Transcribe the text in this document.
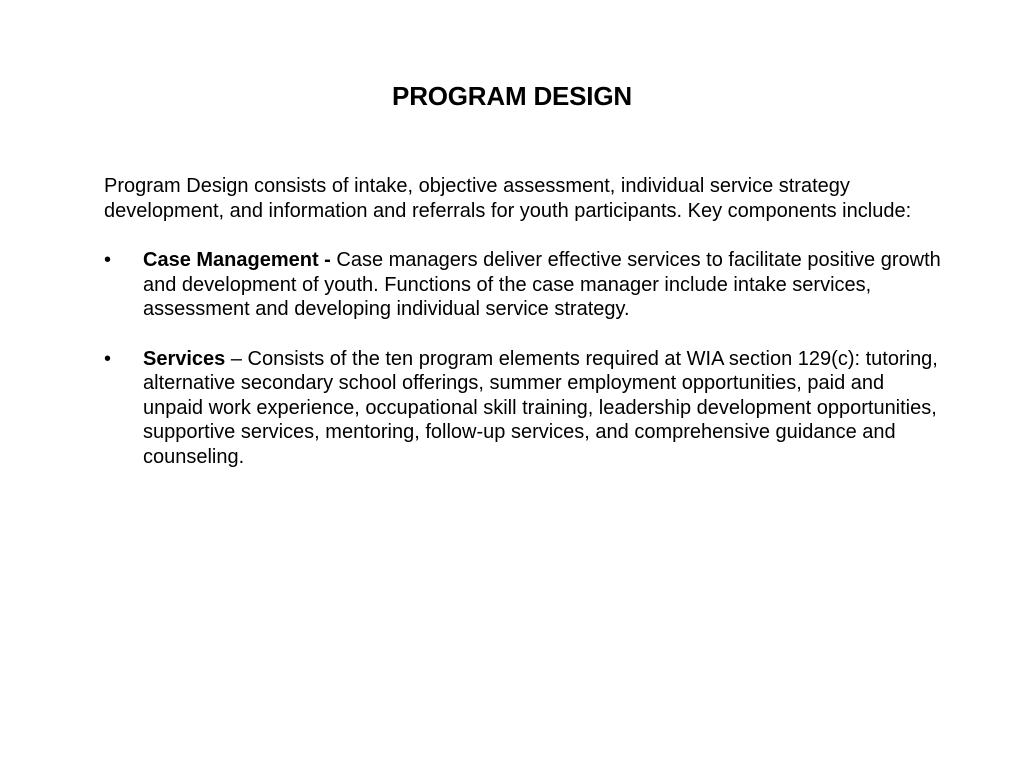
PROGRAM DESIGN

Program Design consists of intake, objective assessment, individual service strategy development, and information and referrals for youth participants. Key components include:

•	Case Management - Case managers deliver effective services to facilitate positive growth and development of youth. Functions of the case manager include intake services, assessment and developing individual service strategy.
•	Services – Consists of the ten program elements required at WIA section 129(c): tutoring, alternative secondary school offerings, summer employment opportunities, paid and unpaid work experience, occupational skill training, leadership development opportunities, supportive services, mentoring, follow-up services, and comprehensive guidance and counseling.
